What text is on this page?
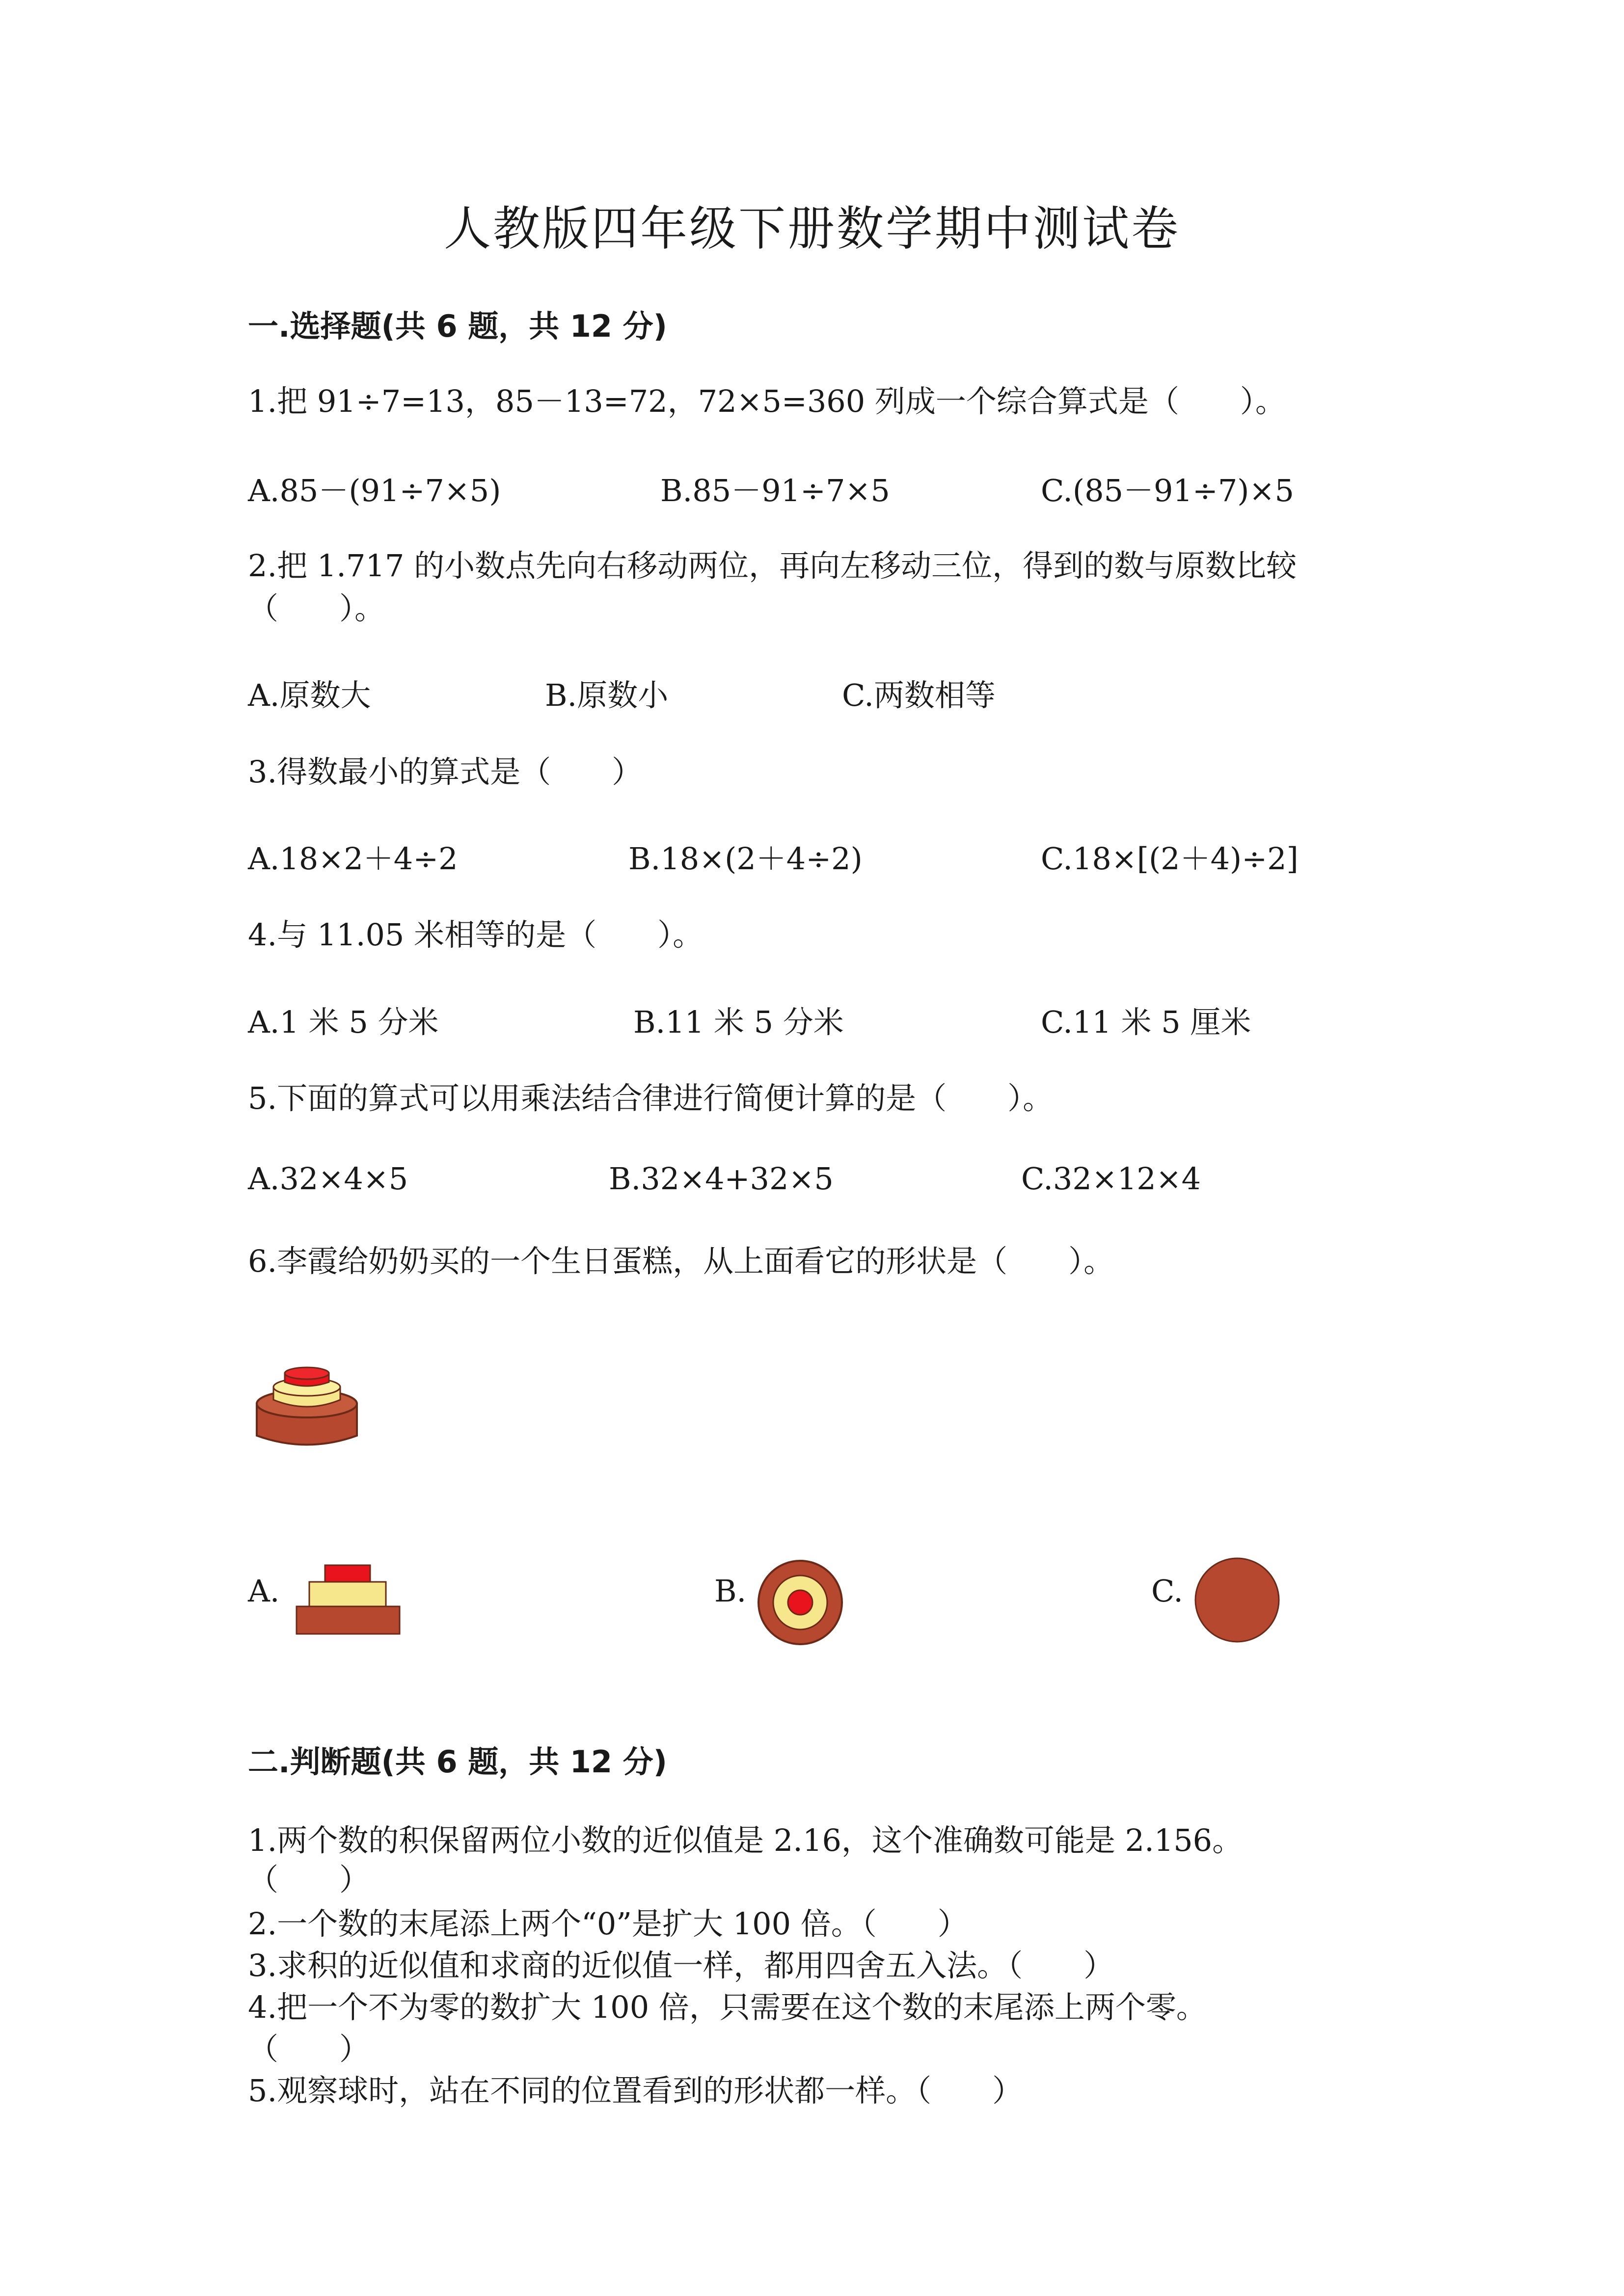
人教版四年级下册数学期中测试卷
一.选择题(共 6 题，共 12 分)
1.把 91÷7=13，85－13=72，72×5=360 列成一个综合算式是（　　）。
A.85－(91÷7×5)	B.85－91÷7×5	C.(85－91÷7)×5
2.把 1.717 的小数点先向右移动两位，再向左移动三位，得到的数与原数比较
（　　）。
A.原数大	B.原数小	C.两数相等
3.得数最小的算式是（　　）
A.18×2＋4÷2	B.18×(2＋4÷2)	C.18×[(2＋4)÷2]
4.与 11.05 米相等的是（　　）。
A.1 米 5 分米	B.11 米 5 分米	C.11 米 5 厘米
5.下面的算式可以用乘法结合律进行简便计算的是（　　）。
A.32×4×5	B.32×4+32×5	C.32×12×4
6.李霞给奶奶买的一个生日蛋糕，从上面看它的形状是（　　）。
A.	B.	C.
二.判断题(共 6 题，共 12 分)
1.两个数的积保留两位小数的近似值是 2.16，这个准确数可能是 2.156。
（　　）
2.一个数的末尾添上两个“0”是扩大 100 倍。（　　）
3.求积的近似值和求商的近似值一样，都用四舍五入法。（　　）
4.把一个不为零的数扩大 100 倍，只需要在这个数的末尾添上两个零。
（　　）
5.观察球时，站在不同的位置看到的形状都一样。（　　）
